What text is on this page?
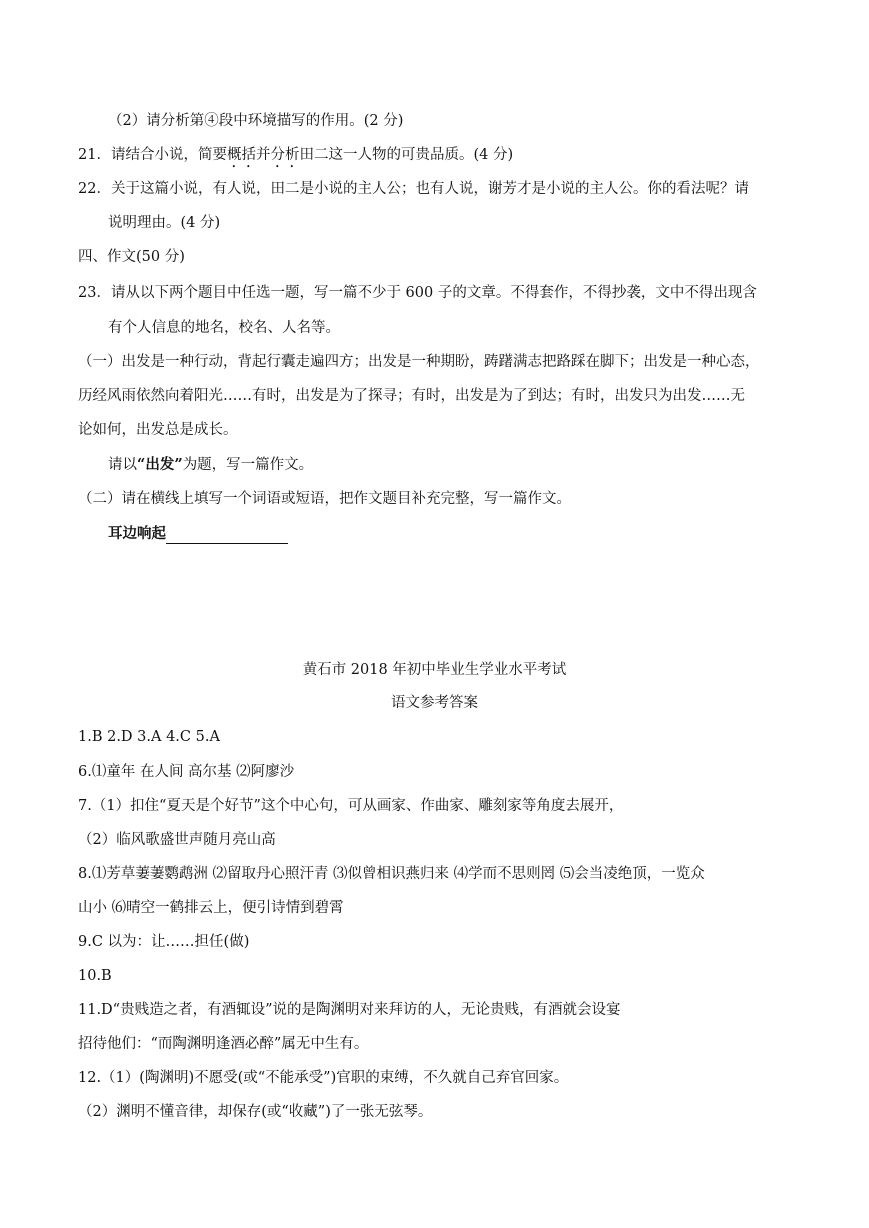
（2）请分析第④段中环境描写的作用。(2 分)
21．请结合小说，简要概括并分析田二这一人物的可贵品质。(4 分)
22．关于这篇小说，有人说，田二是小说的主人公；也有人说，谢芳才是小说的主人公。你的看法呢？请
说明理由。(4 分)
四、作文(50 分)
23．请从以下两个题目中任选一题，写一篇不少于 600 子的文章。不得套作，不得抄袭，文中不得出现含
有个人信息的地名，校名、人名等。
（一）出发是一种行动，背起行囊走遍四方；出发是一种期盼，踌躇满志把路踩在脚下；出发是一种心态，
历经风雨依然向着阳光……有时，出发是为了探寻；有时，出发是为了到达；有时，出发只为出发……无
论如何，出发总是成长。
请以“出发”为题，写一篇作文。
（二）请在横线上填写一个词语或短语，把作文题目补充完整，写一篇作文。
耳边响起
黄石市 2018 年初中毕业生学业水平考试
语文参考答案
1.B 2.D 3.A 4.C 5.A
6.⑴童年 在人间 高尔基 ⑵阿廖沙
7.（1）扣住“夏天是个好节”这个中心句，可从画家、作曲家、雕刻家等角度去展开，
（2）临风歌盛世声随月亮山高
8.⑴芳草萋萋鹦鹉洲 ⑵留取丹心照汗青 ⑶似曾相识燕归来 ⑷学而不思则罔 ⑸会当凌绝顶，一览众
山小 ⑹晴空一鹤排云上，便引诗情到碧霄
9.C 以为：让……担任(做)
10.B
11.D“贵贱造之者，有酒辄设”说的是陶渊明对来拜访的人，无论贵贱，有酒就会设宴
招待他们：“而陶渊明逢酒必醉”属无中生有。
12.（1）(陶渊明)不愿受(或“不能承受”)官职的束缚，不久就自己弃官回家。
（2）渊明不懂音律，却保存(或“收藏”)了一张无弦琴。
